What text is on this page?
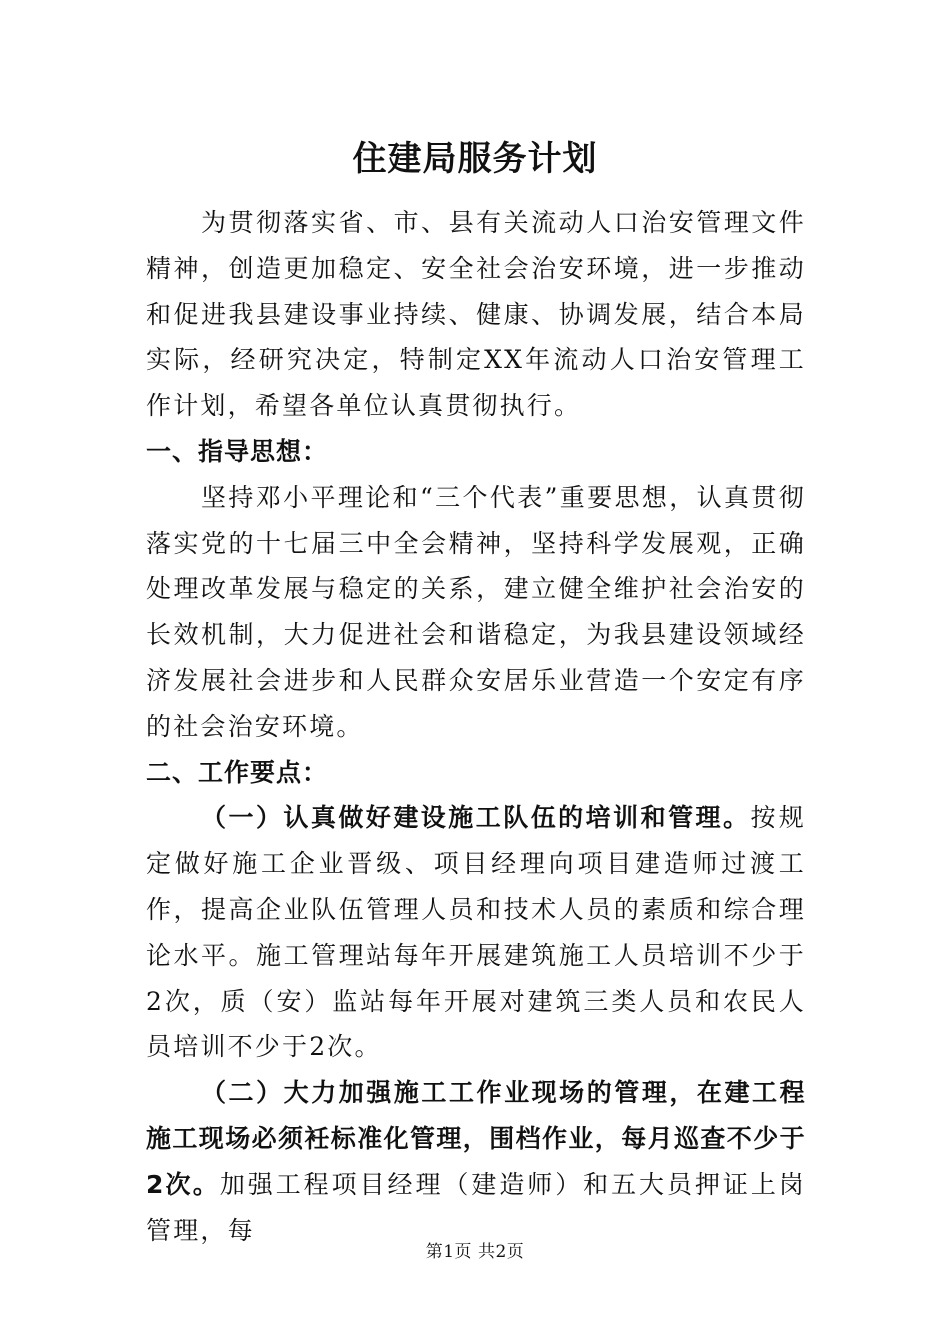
住建局服务计划

为贯彻落实省、市、县有关流动人口治安管理文件精神，创造更加稳定、安全社会治安环境，进一步推动和促进我县建设事业持续、健康、协调发展，结合本局实际，经研究决定，特制定XX年流动人口治安管理工作计划，希望各单位认真贯彻执行。

一、指导思想：

坚持邓小平理论和“三个代表”重要思想，认真贯彻落实党的十七届三中全会精神，坚持科学发展观，正确处理改革发展与稳定的关系，建立健全维护社会治安的长效机制，大力促进社会和谐稳定，为我县建设领域经济发展社会进步和人民群众安居乐业营造一个安定有序的社会治安环境。

二、工作要点：

（一）认真做好建设施工队伍的培训和管理。按规定做好施工企业晋级、项目经理向项目建造师过渡工作，提高企业队伍管理人员和技术人员的素质和综合理论水平。施工管理站每年开展建筑施工人员培训不少于2次，质（安）监站每年开展对建筑三类人员和农民人员培训不少于2次。

（二）大力加强施工工作业现场的管理，在建工程施工现场必须衽标准化管理，围档作业，每月巡查不少于2次。加强工程项目经理（建造师）和五大员押证上岗管理，每

第1页 共2页
